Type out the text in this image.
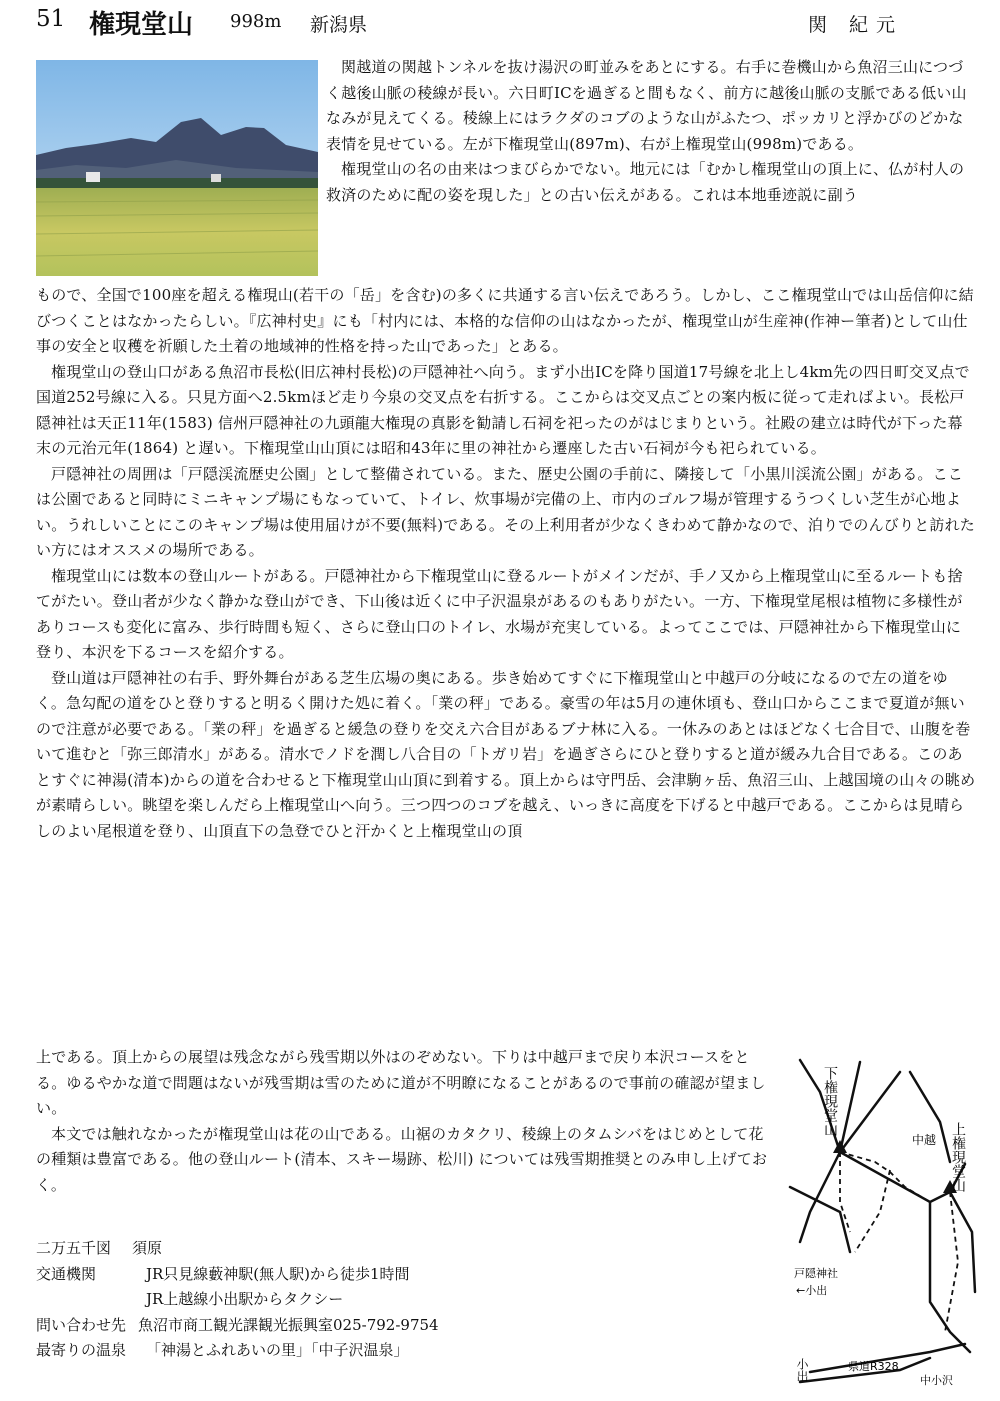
51 権現堂山 998m 新潟県	関 紀元

関越道の関越トンネルを抜け湯沢の町並みをあとにする。右手に巻機山から魚沼三山につづく越後山脈の稜線が長い。六日町ICを過ぎると間もなく、前方に越後山脈の支脈である低い山なみが見えてくる。稜線上にはラクダのコブのような山がふたつ、ポッカリと浮かびのどかな表情を見せている。左が下権現堂山(897m)、右が上権現堂山(998m)である。

権現堂山の名の由来はつまびらかでない。地元には「むかし権現堂山の頂上に、仏が村人の救済のために配の姿を現した」との古い伝えがある。これは本地垂迹説に副う

もので、全国で100座を超える権現山(若干の「岳」を含む)の多くに共通する言い伝えであろう。しかし、ここ権現堂山では山岳信仰に結びつくことはなかったらしい。『広神村史』にも「村内には、本格的な信仰の山はなかったが、権現堂山が生産神(作神ー筆者)として山仕事の安全と収穫を祈願した土着の地域神的性格を持った山であった」とある。

権現堂山の登山口がある魚沼市長松(旧広神村長松)の戸隠神社へ向う。まず小出ICを降り国道17号線を北上し4km先の四日町交叉点で国道252号線に入る。只見方面へ2.5kmほど走り今泉の交叉点を右折する。ここからは交叉点ごとの案内板に従って走ればよい。長松戸隠神社は天正11年(1583) 信州戸隠神社の九頭龍大権現の真影を勧請し石祠を祀ったのがはじまりという。社殿の建立は時代が下った幕末の元治元年(1864) と遅い。下権現堂山山頂には昭和43年に里の神社から遷座した古い石祠が今も祀られている。

戸隠神社の周囲は「戸隠渓流歴史公園」として整備されている。また、歴史公園の手前に、隣接して「小黒川渓流公園」がある。ここは公園であると同時にミニキャンプ場にもなっていて、トイレ、炊事場が完備の上、市内のゴルフ場が管理するうつくしい芝生が心地よい。うれしいことにこのキャンプ場は使用届けが不要(無料)である。その上利用者が少なくきわめて静かなので、泊りでのんびりと訪れたい方にはオススメの場所である。

権現堂山には数本の登山ルートがある。戸隠神社から下権現堂山に登るルートがメインだが、手ノ又から上権現堂山に至るルートも捨てがたい。登山者が少なく静かな登山ができ、下山後は近くに中子沢温泉があるのもありがたい。一方、下権現堂尾根は植物に多様性がありコースも変化に富み、歩行時間も短く、さらに登山口のトイレ、水場が充実している。よってここでは、戸隠神社から下権現堂山に登り、本沢を下るコースを紹介する。

登山道は戸隠神社の右手、野外舞台がある芝生広場の奥にある。歩き始めてすぐに下権現堂山と中越戸の分岐になるので左の道をゆく。急勾配の道をひと登りすると明るく開けた処に着く。「業の秤」である。豪雪の年は5月の連休頃も、登山口からここまで夏道が無いので注意が必要である。「業の秤」を過ぎると緩急の登りを交え六合目があるブナ林に入る。一休みのあとはほどなく七合目で、山腹を巻いて進むと「弥三郎清水」がある。清水でノドを潤し八合目の「トガリ岩」を過ぎさらにひと登りすると道が緩み九合目である。このあとすぐに神湯(清本)からの道を合わせると下権現堂山山頂に到着する。頂上からは守門岳、会津駒ヶ岳、魚沼三山、上越国境の山々の眺めが素晴らしい。眺望を楽しんだら上権現堂山へ向う。三つ四つのコブを越え、いっきに高度を下げると中越戸である。ここからは見晴らしのよい尾根道を登り、山頂直下の急登でひと汗かくと上権現堂山の頂

上である。頂上からの展望は残念ながら残雪期以外はのぞめない。下りは中越戸まで戻り本沢コースをとる。ゆるやかな道で問題はないが残雪期は雪のために道が不明瞭になることがあるので事前の確認が望ましい。

本文では触れなかったが権現堂山は花の山である。山裾のカタクリ、稜線上のタムシバをはじめとして花の種類は豊富である。他の登山ルート(清本、スキー場跡、松川) については残雪期推奨とのみ申し上げておく。

二万五千図	須原
交通機関	JR只見線藪神駅(無人駅)から徒歩1時間
JR上越線小出駅からタクシー
問い合わせ先 魚沼市商工観光課観光振興室025-792-9754
最寄りの温泉	「神湯とふれあいの里」「中子沢温泉」
下権現堂山
上権現堂山
中越
戸隠神社
←小出
県道R328
中小沢
小出
